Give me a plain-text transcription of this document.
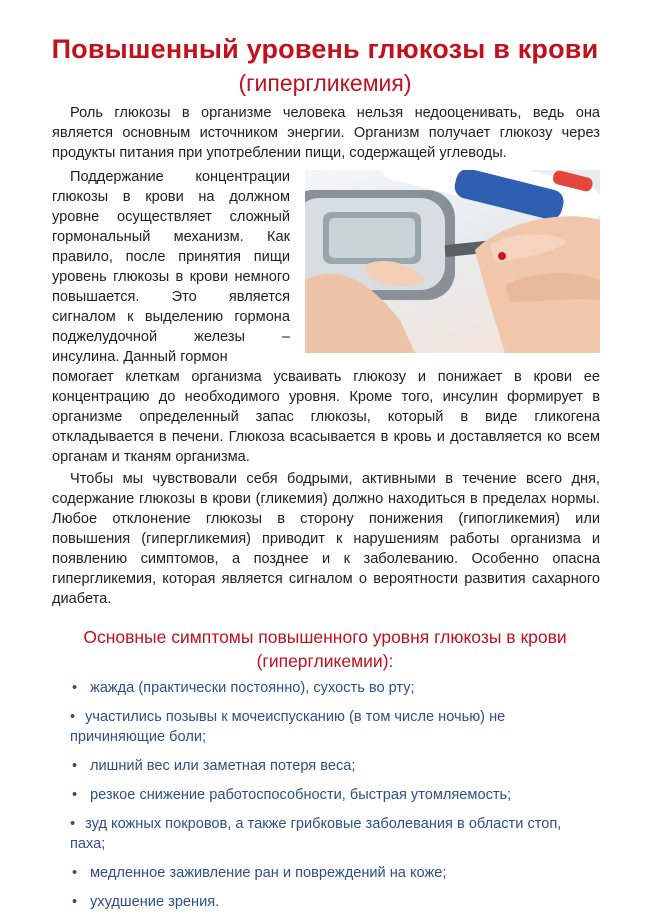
Повышенный уровень глюкозы в крови
(гипергликемия)
Роль глюкозы в организме человека нельзя недооценивать, ведь она является основным источником энергии. Организм получает глюкозу через продукты питания при употреблении пищи, содержащей углеводы.
Поддержание концентрации глюкозы в крови на должном уровне осуществляет сложный гормональный механизм. Как правило, после принятия пищи уровень глюкозы в крови немного повышается. Это является сигналом к выделению гормона поджелудочной железы – инсулина. Данный гормон
помогает клеткам организма усваивать глюкозу и понижает в крови ее концентрацию до необходимого уровня. Кроме того, инсулин формирует в организме определенный запас глюкозы, который в виде гликогена откладывается в печени. Глюкоза всасывается в кровь и доставляется ко всем органам и тканям организма.
Чтобы мы чувствовали себя бодрыми, активными в течение всего дня, содержание глюкозы в крови (гликемия) должно находиться в пределах нормы. Любое отклонение глюкозы в сторону понижения (гипогликемия) или повышения (гипергликемия) приводит к нарушениям работы организма и появлению симптомов, а позднее и к заболеванию. Особенно опасна гипергликемия, которая является сигналом о вероятности развития сахарного диабета.
Основные симптомы повышенного уровня глюкозы в крови
(гипергликемии):
• жажда (практически постоянно), сухость во рту;
• участились позывы к мочеиспусканию (в том числе ночью) не причиняющие боли;
• лишний вес или заметная потеря веса;
• резкое снижение работоспособности, быстрая утомляемость;
• зуд кожных покровов, а также грибковые заболевания в области стоп, паха;
• медленное заживление ран и повреждений на коже;
• ухудшение зрения.
